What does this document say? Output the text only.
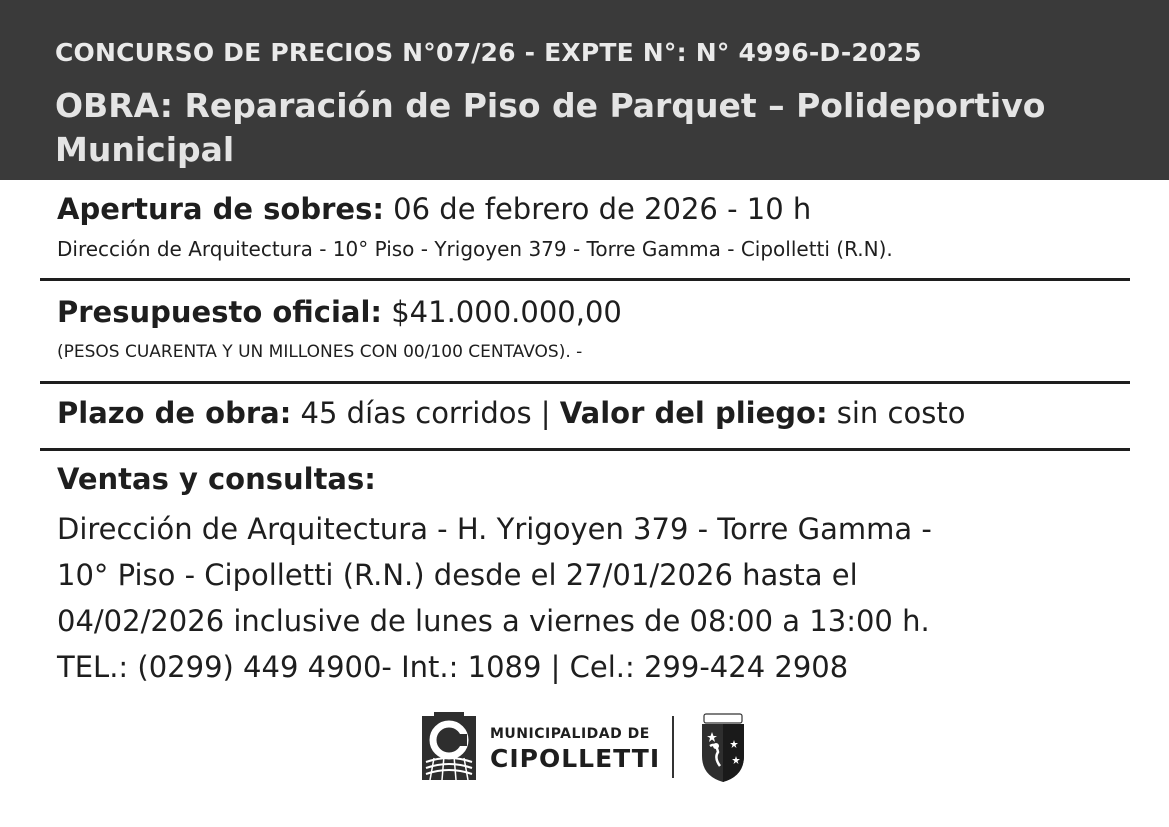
CONCURSO DE PRECIOS N°07/26 - EXPTE N°: N° 4996-D-2025
OBRA: Reparación de Piso de Parquet – Polideportivo Municipal
Apertura de sobres: 06 de febrero de 2026 - 10 h
Dirección de Arquitectura - 10° Piso - Yrigoyen 379 - Torre Gamma - Cipolletti (R.N).
Presupuesto oficial: $41.000.000,00
(PESOS CUARENTA Y UN MILLONES CON 00/100 CENTAVOS). -
Plazo de obra: 45 días corridos | Valor del pliego: sin costo
Ventas y consultas:
Dirección de Arquitectura - H. Yrigoyen 379 - Torre Gamma -
10° Piso - Cipolletti (R.N.) desde el 27/01/2026 hasta el
04/02/2026 inclusive de lunes a viernes de 08:00 a 13:00 h.
TEL.: (0299) 449 4900- Int.: 1089 | Cel.: 299-424 2908
MUNICIPALIDAD DE
CIPOLLETTI
